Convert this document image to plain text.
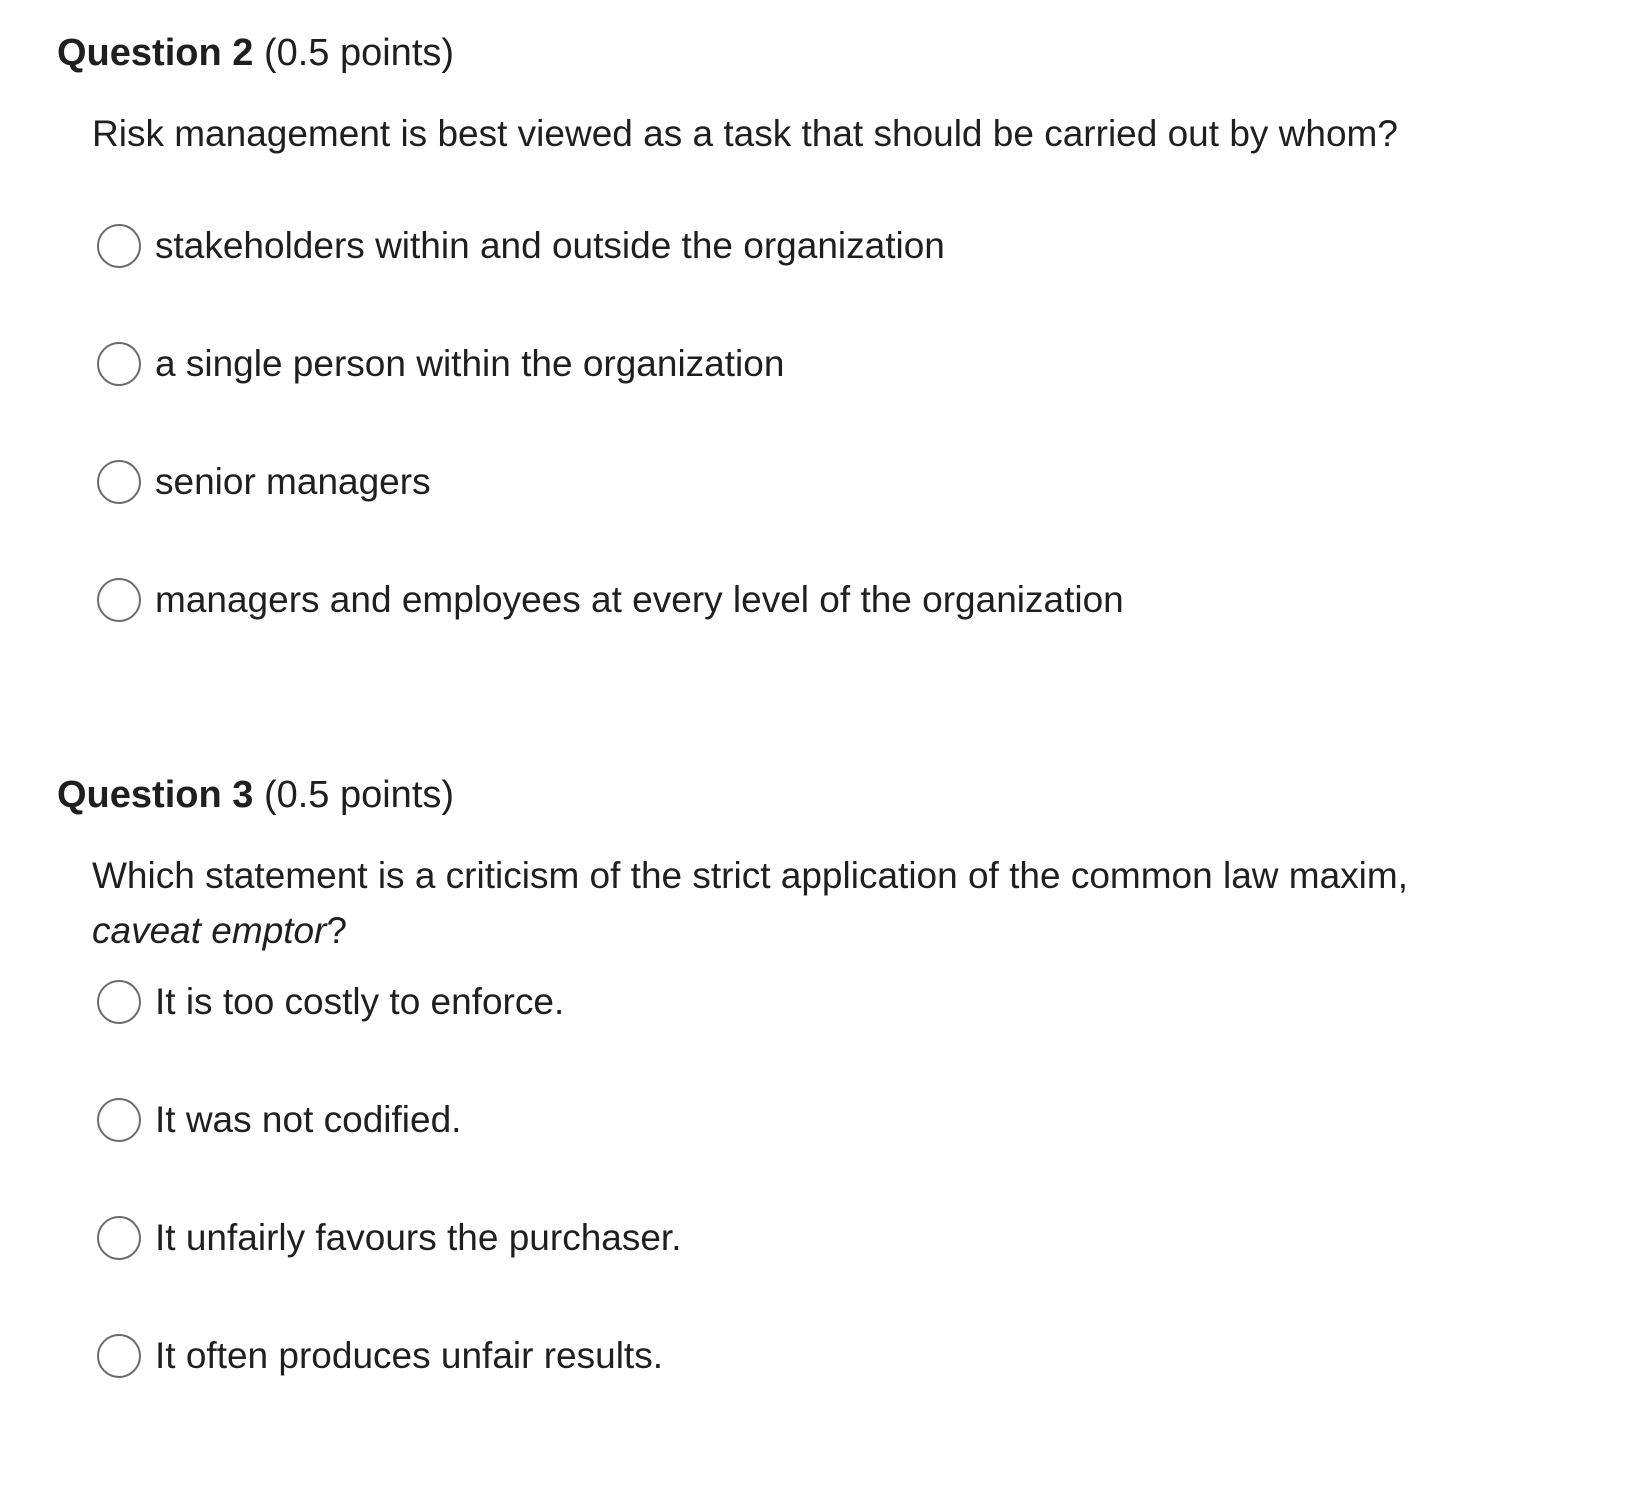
Question 2 (0.5 points)
Risk management is best viewed as a task that should be carried out by whom?
stakeholders within and outside the organization
a single person within the organization
senior managers
managers and employees at every level of the organization
Question 3 (0.5 points)
Which statement is a criticism of the strict application of the common law maxim,
caveat emptor?
It is too costly to enforce.
It was not codified.
It unfairly favours the purchaser.
It often produces unfair results.
